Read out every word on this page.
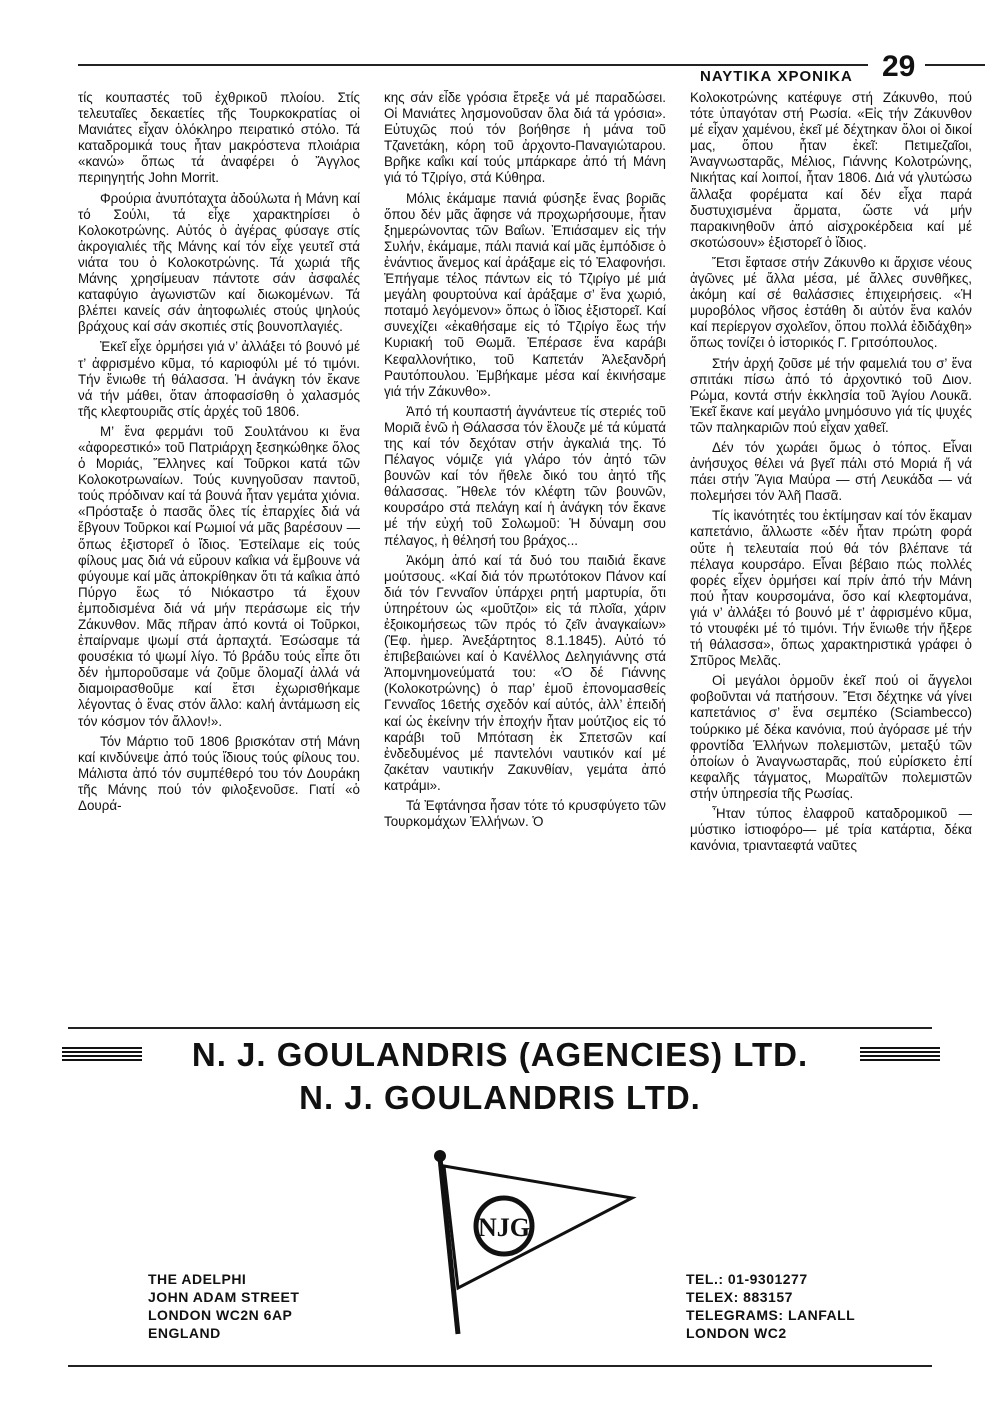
ΝΑΥΤΙΚΑ ΧΡΟΝΙΚΑ 29

τίς κουπαστές τοῦ ἐχθρικοῦ πλοίου. Στίς τελευταῖες δεκαετίες τῆς Τουρκοκρατίας οἱ Μανιάτες εἶχαν ὁλόκληρο πειρατικό στόλο. Τά καταδρομικά τους ἦταν μακρόστενα πλοιάρια «κανώ» ὅπως τά ἀναφέρει ὁ Ἄγγλος περιηγητής John Morrit.

Φρούρια ἀνυπόταχτα ἀδούλωτα ἡ Μάνη καί τό Σούλι, τά εἶχε χαρακτηρίσει ὁ Κολοκοτρώνης. Αὐτός ὁ ἀγέρας φύσαγε στίς ἀκρογιαλιές τῆς Μάνης καί τόν εἶχε γευτεῖ στά νιάτα του ὁ Κολοκοτρώνης. Τά χωριά τῆς Μάνης χρησίμευαν πάντοτε σάν ἀσφαλές καταφύγιο ἀγωνιστῶν καί διωκομένων. Τά βλέπει κανείς σάν ἀητοφωλιές στούς ψηλούς βράχους καί σάν σκοπιές στίς βουνοπλαγιές.

Ἐκεῖ εἶχε ὁρμήσει γιά ν’ ἀλλάξει τό βουνό μέ τ’ ἀφρισμένο κῦμα, τό καριοφύλι μέ τό τιμόνι. Τήν ἔνιωθε τή θάλασσα. Ἡ ἀνάγκη τόν ἔκανε νά τήν μάθει, ὅταν ἀποφασίσθη ὁ χαλασμός τῆς κλεφτουριᾶς στίς ἀρχές τοῦ 1806.

Μ’ ἕνα φερμάνι τοῦ Σουλτάνου κι ἕνα «ἀφορεστικό» τοῦ Πατριάρχη ξεσηκώθηκε ὅλος ὁ Μοριάς, Ἕλληνες καί Τοῦρκοι κατά τῶν Κολοκοτρωναίων. Τούς κυνηγοῦσαν παντοῦ, τούς πρόδιναν καί τά βουνά ἦταν γεμάτα χιόνια. «Πρόσταξε ὁ πασᾶς ὅλες τίς ἐπαρχίες διά νά ἔβγουν Τοῦρκοι καί Ρωμιοί νά μᾶς βαρέσουν — ὅπως ἐξιστορεῖ ὁ ἴδιος. Ἐστείλαμε εἰς τούς φίλους μας διά νά εὔρουν καΐκια νά ἔμβουνε νά φύγουμε καί μᾶς ἀποκρίθηκαν ὅτι τά καΐκια ἀπό Πύργο ἕως τό Νιόκαστρο τά ἔχουν ἐμποδισμένα διά νά μήν περάσωμε εἰς τήν Ζάκυνθον. Μᾶς πῆραν ἀπό κοντά οἱ Τοῦρκοι, ἐπαίρναμε ψωμί στά ἀρπαχτά. Ἐσώσαμε τά φουσέκια τό ψωμί λίγο. Τό βράδυ τούς εἶπε ὅτι δέν ἠμποροῦσαμε νά ζοῦμε ὅλομαζί ἀλλά νά διαμοιρασθοῦμε καί ἔτσι ἐχωρισθήκαμε λέγοντας ὁ ἕνας στόν ἄλλο: καλή ἀντάμωση εἰς τόν κόσμον τόν ἄλλον!».

Τόν Μάρτιο τοῦ 1806 βρισκόταν στή Μάνη καί κινδύνεψε ἀπό τούς ἴδιους τούς φίλους του. Μάλιστα ἀπό τόν συμπέθερό του τόν Δουράκη τῆς Μάνης πού τόν φιλοξενοῦσε. Γιατί «ὁ Δουρά-

κης σάν εἶδε γρόσια ἔτρεξε νά μέ παραδώσει. Οἱ Μανιάτες λησμονοῦσαν ὅλα διά τά γρόσια». Εὐτυχῶς πού τόν βοήθησε ἡ μάνα τοῦ Τζανετάκη, κόρη τοῦ ἀρχοντο-Παναγιώταρου. Βρῆκε καΐκι καί τούς μπάρκαρε ἀπό τή Μάνη γιά τό Τζιρίγο, στά Κύθηρα.

Μόλις ἐκάμαμε πανιά φύσηξε ἕνας βοριᾶς ὅπου δέν μᾶς ἄφησε νά προχωρήσουμε, ἦταν ξημερώνοντας τῶν Βαΐων. Ἐπιάσαμεν εἰς τήν Συλήν, ἐκάμαμε, πάλι πανιά καί μᾶς ἐμπόδισε ὁ ἐνάντιος ἄνεμος καί ἀράξαμε εἰς τό Ἐλαφονήσι. Ἐπήγαμε τέλος πάντων εἰς τό Τζιρίγο μέ μιά μεγάλη φουρτούνα καί ἀράξαμε σ’ ἕνα χωριό, ποταμό λεγόμενον» ὅπως ὁ ἴδιος ἐξιστορεῖ. Καί συνεχίζει «ἐκαθήσαμε εἰς τό Τζιρίγο ἕως τήν Κυριακή τοῦ Θωμᾶ. Ἐπέρασε ἕνα καράβι Κεφαλλονήτικο, τοῦ Καπετάν Ἀλεξανδρή Ραυτόπουλου. Ἐμβήκαμε μέσα καί ἐκινήσαμε γιά τήν Ζάκυνθο».

Ἀπό τή κουπαστή ἀγνάντευε τίς στεριές τοῦ Μοριᾶ ἐνῶ ἡ Θάλασσα τόν ἔλουζε μέ τά κύματά της καί τόν δεχόταν στήν ἀγκαλιά της. Τό Πέλαγος νόμιζε γιά γλάρο τόν ἀητό τῶν βουνῶν καί τόν ἤθελε δικό του ἀητό τῆς θάλασσας. Ἤθελε τόν κλέφτη τῶν βουνῶν, κουρσάρο στά πελάγη καί ἡ ἀνάγκη τόν ἔκανε μέ τήν εὐχή τοῦ Σολωμοῦ: Ἡ δύναμη σου πέλαγος, ἡ θέλησή του βράχος...

Ἀκόμη ἀπό καί τά δυό του παιδιά ἔκανε μούτσους. «Καί διά τόν πρωτότοκον Πάνον καί διά τόν Γενναῖον ὑπάρχει ρητή μαρτυρία, ὅτι ὑπηρέτουν ὡς «μοῦτζοι» εἰς τά πλοῖα, χάριν ἐξοικομήσεως τῶν πρός τό ζεῖν ἀναγκαίων» (Ἐφ. ἡμερ. Ἀνεξάρτητος 8.1.1845). Αὐτό τό ἐπιβεβαιώνει καί ὁ Κανέλλος Δεληγιάννης στά Ἀπομνημονεύματά του: «Ὁ δέ Γιάννης (Κολοκοτρώνης) ὁ παρ’ ἐμοῦ ἐπονομασθείς Γενναῖος 16ετής σχεδόν καί αὐτός, ἀλλ’ ἐπειδή καί ὡς ἐκείνην τήν ἐποχήν ἦταν μούτζιος εἰς τό καράβι τοῦ Μπόταση ἐκ Σπετσῶν καί ἐνδεδυμένος μέ παντελόνι ναυτικόν καί μέ ζακέταν ναυτικήν Ζακυνθίαν, γεμάτα ἀπό κατράμι».

Τά Ἐφτάνησα ἦσαν τότε τό κρυσφύγετο τῶν Τουρκομάχων Ἑλλήνων. Ὁ

Κολοκοτρώνης κατέφυγε στή Ζάκυνθο, πού τότε ὑπαγόταν στή Ρωσία. «Εἰς τήν Ζάκυνθον μέ εἶχαν χαμένου, ἐκεῖ μέ δέχτηκαν ὅλοι οἱ δικοί μας, ὅπου ἦταν ἐκεῖ: Πετιμεζαῖοι, Ἀναγνωσταρᾶς, Μέλιος, Γιάννης Κολοτρώνης, Νικήτας καί λοιποί, ἦταν 1806. Διά νά γλυτώσω ἄλλαξα φορέματα καί δέν εἶχα παρά δυστυχισμένα ἄρματα, ὥστε νά μήν παρακινηθοῦν ἀπό αἰσχροκέρδεια καί μέ σκοτώσουν» ἐξιστορεῖ ὁ ἴδιος.

Ἔτσι ἔφτασε στήν Ζάκυνθο κι ἄρχισε νέους ἀγῶνες μέ ἄλλα μέσα, μέ ἄλλες συνθῆκες, ἀκόμη καί σέ θαλάσσιες ἐπιχειρήσεις. «Ἡ μυροβόλος νῆσος ἐστάθη δι αὐτόν ἕνα καλόν καί περίεργον σχολεῖον, ὅπου πολλά ἐδιδάχθη» ὅπως τονίζει ὁ ἱστορικός Γ. Γριτσόπουλος.

Στήν ἀρχή ζοῦσε μέ τήν φαμελιά του σ’ ἕνα σπιτάκι πίσω ἀπό τό ἀρχοντικό τοῦ Διον. Ρώμα, κοντά στήν ἐκκλησία τοῦ Ἁγίου Λουκᾶ. Ἐκεῖ ἔκανε καί μεγάλο μνημόσυνο γιά τίς ψυχές τῶν παληκαριῶν πού εἶχαν χαθεῖ.

Δέν τόν χωράει ὅμως ὁ τόπος. Εἶναι ἀνήσυχος θέλει νά βγεῖ πάλι στό Μοριά ἤ νά πάει στήν Ἅγια Μαύρα — στή Λευκάδα — νά πολεμήσει τόν Ἀλῆ Πασᾶ.

Τίς ἱκανότητές του ἐκτίμησαν καί τόν ἔκαμαν καπετάνιο, ἄλλωστε «δέν ἦταν πρώτη φορά οὔτε ἡ τελευταία πού θά τόν βλέπανε τά πέλαγα κουρσάρο. Εἶναι βέβαιο πώς πολλές φορές εἶχεν ὁρμήσει καί πρίν ἀπό τήν Μάνη πού ἦταν κουρσομάνα, ὅσο καί κλεφτομάνα, γιά ν’ ἀλλάξει τό βουνό μέ τ’ ἀφρισμένο κῦμα, τό ντουφέκι μέ τό τιμόνι. Τήν ἔνιωθε τήν ἤξερε τή θάλασσα», ὅπως χαρακτηριστικά γράφει ὁ Σπῦρος Μελᾶς.

Οἱ μεγάλοι ὁρμοῦν ἐκεῖ πού οἱ ἄγγελοι φοβοῦνται νά πατήσουν. Ἔτσι δέχτηκε νά γίνει καπετάνιος σ’ ἕνα σεμπέκο (Sciambecco) τούρκικο μέ δέκα κανόνια, πού ἀγόρασε μέ τήν φροντίδα Ἑλλήνων πολεμιστῶν, μεταξύ τῶν ὁποίων ὁ Ἀναγνωσταρᾶς, πού εὑρίσκετο ἐπί κεφαλῆς τάγματος, Μωραϊτῶν πολεμιστῶν στήν ὑπηρεσία τῆς Ρωσίας.

Ἦταν τύπος ἐλαφροῦ καταδρομικοῦ — μύστικο ἱστιοφόρο— μέ τρία κατάρτια, δέκα κανόνια, τριανταεφτά ναῦτες

N. J. GOULANDRIS (AGENCIES) LTD.
N. J. GOULANDRIS LTD.
NJG
THE ADELPHI
JOHN ADAM STREET
LONDON WC2N 6AP
ENGLAND
TEL.: 01-9301277
TELEX: 883157
TELEGRAMS: LANFALL
LONDON WC2
